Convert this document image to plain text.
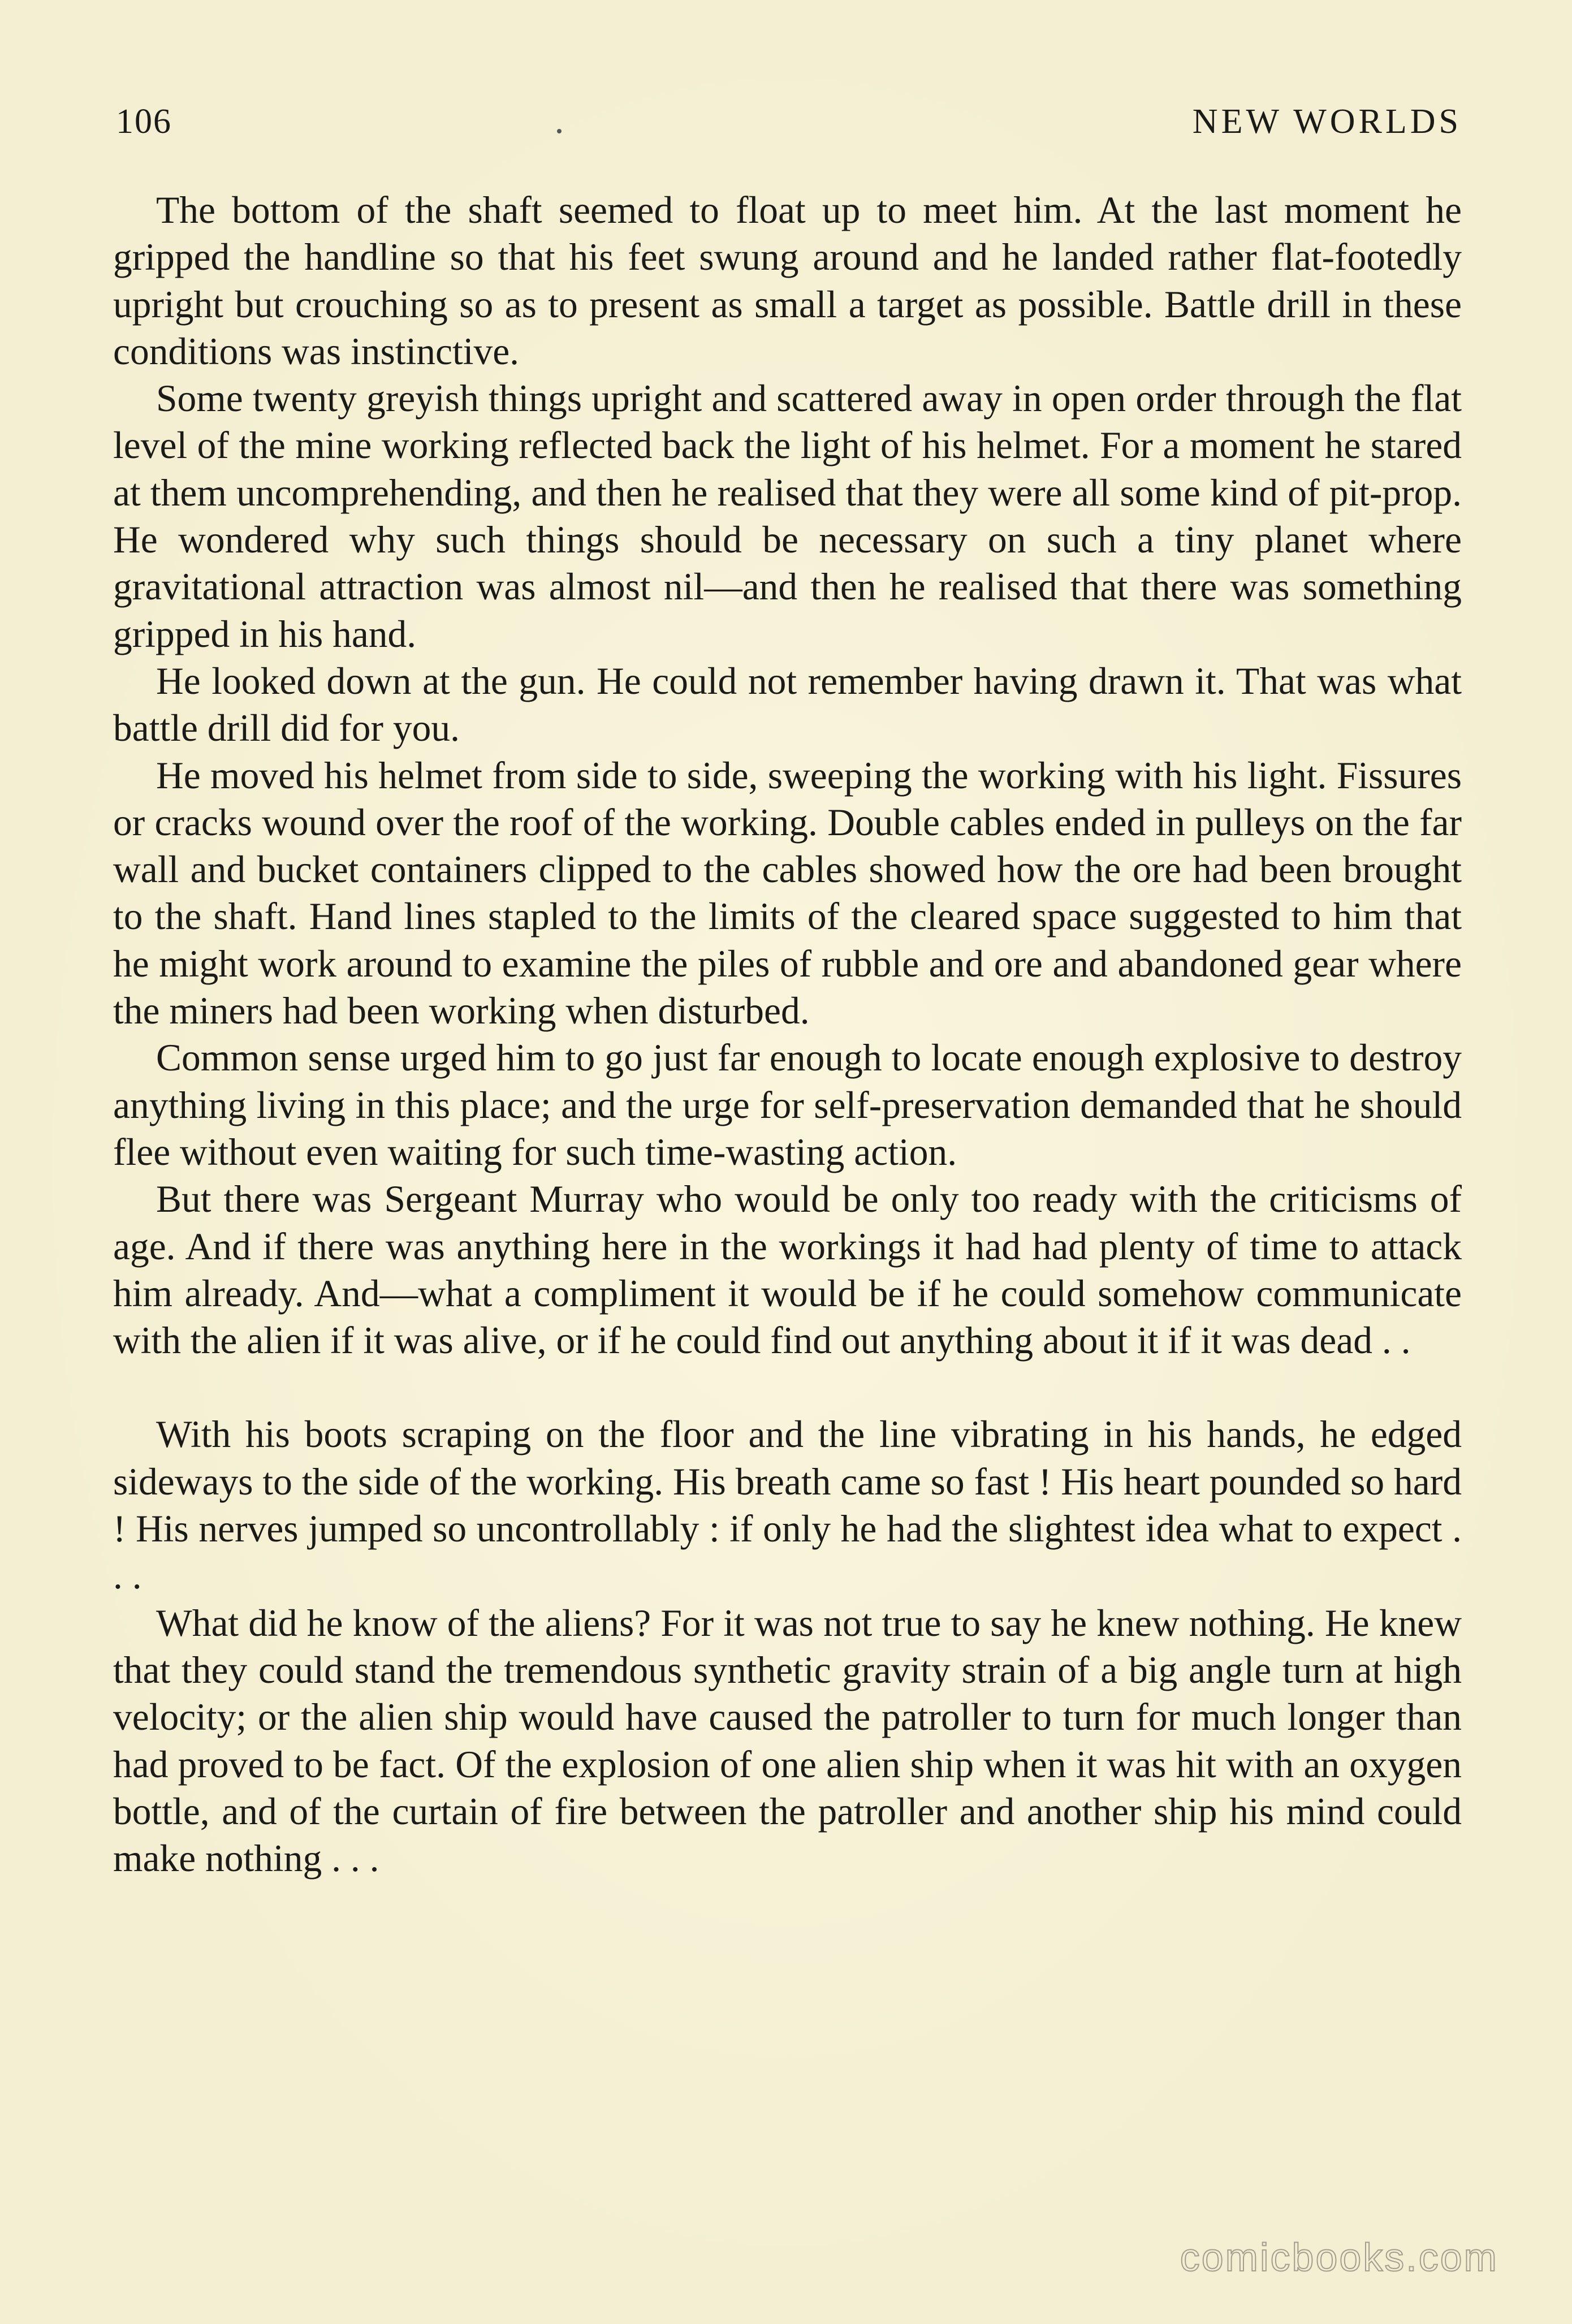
106	NEW WORLDS

The bottom of the shaft seemed to float up to meet him. At the last moment he gripped the handline so that his feet swung around and he landed rather flat-footedly upright but crouching so as to present as small a target as possible. Battle drill in these conditions was instinctive.

Some twenty greyish things upright and scattered away in open order through the flat level of the mine working reflected back the light of his helmet. For a moment he stared at them uncomprehending, and then he realised that they were all some kind of pit-prop. He wondered why such things should be necessary on such a tiny planet where gravitational attraction was almost nil—and then he realised that there was something gripped in his hand.

He looked down at the gun. He could not remember having drawn it. That was what battle drill did for you.

He moved his helmet from side to side, sweeping the working with his light. Fissures or cracks wound over the roof of the working. Double cables ended in pulleys on the far wall and bucket containers clipped to the cables showed how the ore had been brought to the shaft. Hand lines stapled to the limits of the cleared space suggested to him that he might work around to examine the piles of rubble and ore and abandoned gear where the miners had been working when disturbed.

Common sense urged him to go just far enough to locate enough explosive to destroy anything living in this place; and the urge for self-preservation demanded that he should flee without even waiting for such time-wasting action.

But there was Sergeant Murray who would be only too ready with the criticisms of age. And if there was anything here in the workings it had had plenty of time to attack him already. And—what a compliment it would be if he could somehow communicate with the alien if it was alive, or if he could find out anything about it if it was dead . .

With his boots scraping on the floor and the line vibrating in his hands, he edged sideways to the side of the working. His breath came so fast ! His heart pounded so hard ! His nerves jumped so uncontrollably : if only he had the slightest idea what to expect . . .

What did he know of the aliens? For it was not true to say he knew nothing. He knew that they could stand the tremendous synthetic gravity strain of a big angle turn at high velocity; or the alien ship would have caused the patroller to turn for much longer than had proved to be fact. Of the explosion of one alien ship when it was hit with an oxygen bottle, and of the curtain of fire between the patroller and another ship his mind could make nothing . . .

comicbooks.com
